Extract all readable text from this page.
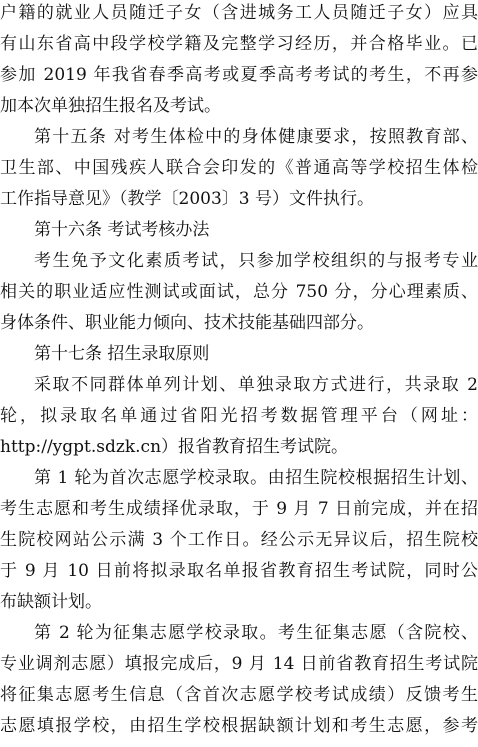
户籍的就业人员随迁子女（含进城务工人员随迁子女）应具
有山东省高中段学校学籍及完整学习经历，并合格毕业。已
参加 2019 年我省春季高考或夏季高考考试的考生，不再参
加本次单独招生报名及考试。
第十五条 对考生体检中的身体健康要求，按照教育部、
卫生部、中国残疾人联合会印发的《普通高等学校招生体检
工作指导意见》（教学〔2003〕3 号）文件执行。
第十六条 考试考核办法
考生免予文化素质考试，只参加学校组织的与报考专业
相关的职业适应性测试或面试，总分 750 分，分心理素质、
身体条件、职业能力倾向、技术技能基础四部分。
第十七条 招生录取原则
采取不同群体单列计划、单独录取方式进行，共录取 2
轮，拟录取名单通过省阳光招考数据管理平台（网址：
http://ygpt.sdzk.cn）报省教育招生考试院。
第 1 轮为首次志愿学校录取。由招生院校根据招生计划、
考生志愿和考生成绩择优录取，于 9 月 7 日前完成，并在招
生院校网站公示满 3 个工作日。经公示无异议后，招生院校
于 9 月 10 日前将拟录取名单报省教育招生考试院，同时公
布缺额计划。
第 2 轮为征集志愿学校录取。考生征集志愿（含院校、
专业调剂志愿）填报完成后，9 月 14 日前省教育招生考试院
将征集志愿考生信息（含首次志愿学校考试成绩）反馈考生
志愿填报学校，由招生学校根据缺额计划和考生志愿，参考
